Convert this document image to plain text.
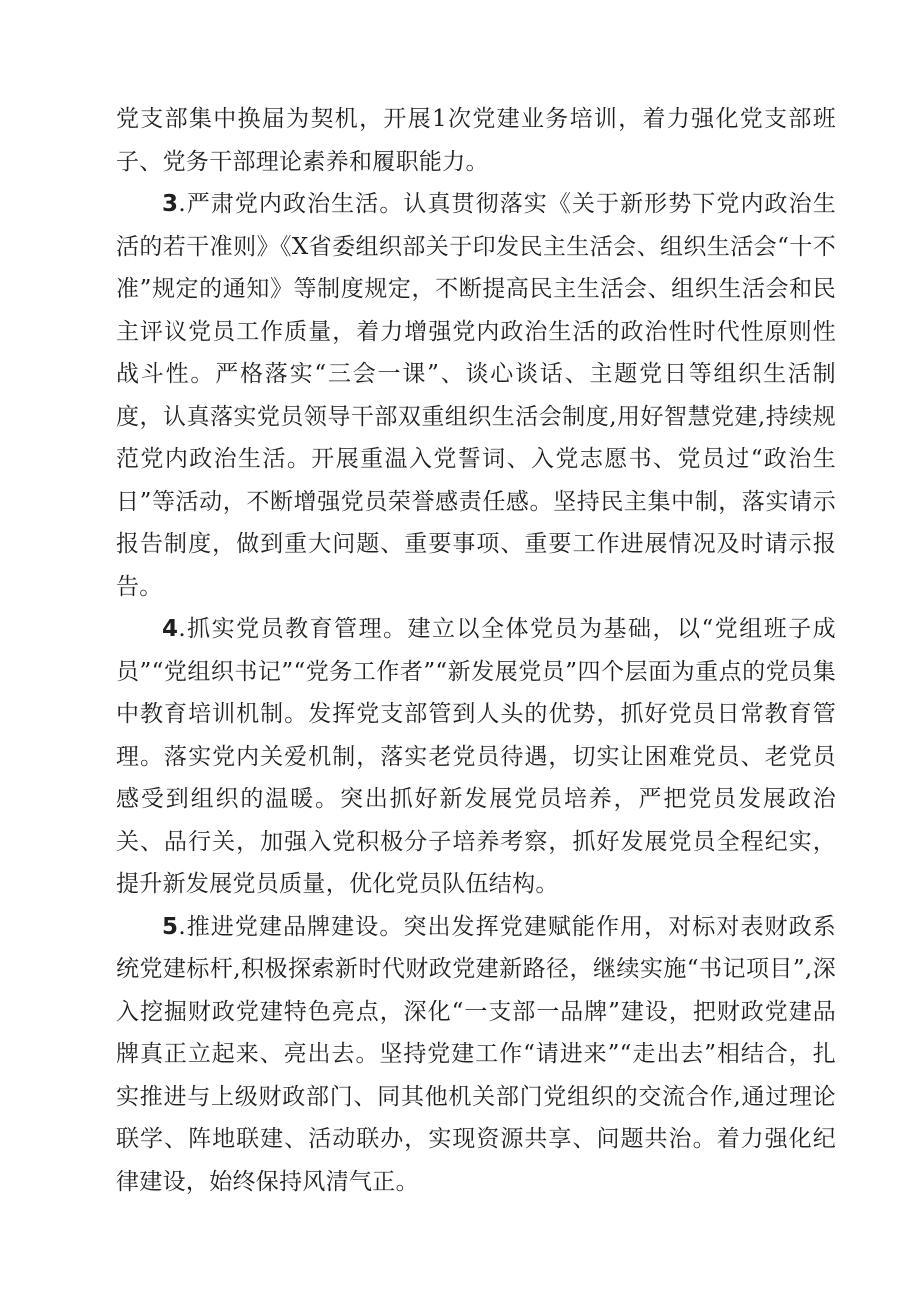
党支部集中换届为契机，开展1次党建业务培训，着力强化党支部班子、党务干部理论素养和履职能力。

3.严肃党内政治生活。认真贯彻落实《关于新形势下党内政治生活的若干准则》《X省委组织部关于印发民主生活会、组织生活会“十不准”规定的通知》等制度规定，不断提高民主生活会、组织生活会和民主评议党员工作质量，着力增强党内政治生活的政治性时代性原则性战斗性。严格落实“三会一课”、谈心谈话、主题党日等组织生活制度，认真落实党员领导干部双重组织生活会制度,用好智慧党建,持续规范党内政治生活。开展重温入党誓词、入党志愿书、党员过“政治生日”等活动，不断增强党员荣誉感责任感。坚持民主集中制，落实请示报告制度，做到重大问题、重要事项、重要工作进展情况及时请示报告。

4.抓实党员教育管理。建立以全体党员为基础，以“党组班子成员”“党组织书记”“党务工作者”“新发展党员”四个层面为重点的党员集中教育培训机制。发挥党支部管到人头的优势，抓好党员日常教育管理。落实党内关爱机制，落实老党员待遇，切实让困难党员、老党员感受到组织的温暖。突出抓好新发展党员培养，严把党员发展政治关、品行关，加强入党积极分子培养考察，抓好发展党员全程纪实，提升新发展党员质量，优化党员队伍结构。

5.推进党建品牌建设。突出发挥党建赋能作用，对标对表财政系统党建标杆,积极探索新时代财政党建新路径，继续实施“书记项目”,深入挖掘财政党建特色亮点，深化“一支部一品牌”建设，把财政党建品牌真正立起来、亮出去。坚持党建工作“请进来”“走出去”相结合，扎实推进与上级财政部门、同其他机关部门党组织的交流合作,通过理论联学、阵地联建、活动联办，实现资源共享、问题共治。着力强化纪律建设，始终保持风清气正。
